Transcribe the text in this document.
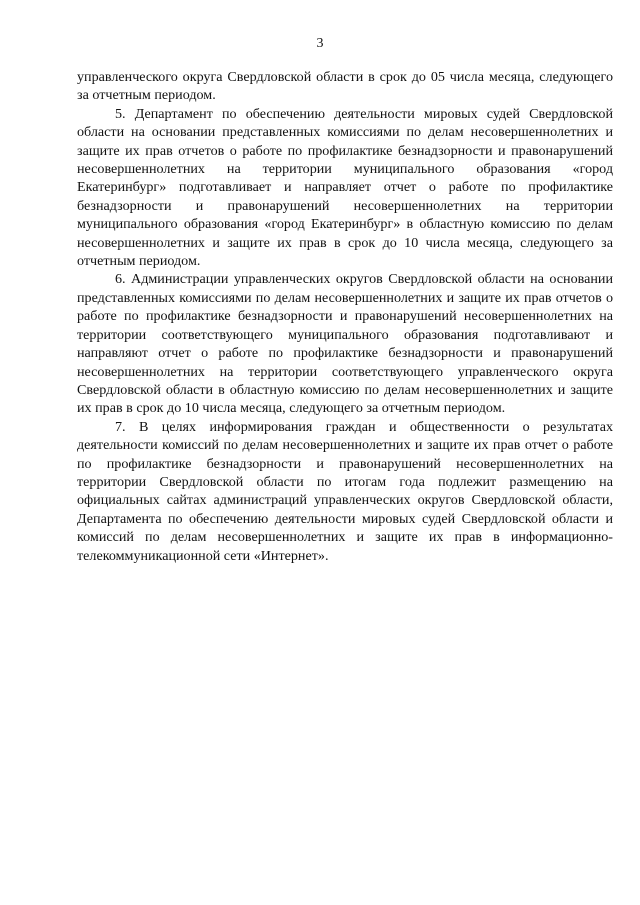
3

управленческого округа Свердловской области в срок до 05 числа месяца, следующего за отчетным периодом.

5. Департамент по обеспечению деятельности мировых судей Свердловской области на основании представленных комиссиями по делам несовершеннолетних и защите их прав отчетов о работе по профилактике безнадзорности и правонарушений несовершеннолетних на территории муниципального образования «город Екатеринбург» подготавливает и направляет отчет о работе по профилактике безнадзорности и правонарушений несовершеннолетних на территории муниципального образования «город Екатеринбург» в областную комиссию по делам несовершеннолетних и защите их прав в срок до 10 числа месяца, следующего за отчетным периодом.

6. Администрации управленческих округов Свердловской области на основании представленных комиссиями по делам несовершеннолетних и защите их прав отчетов о работе по профилактике безнадзорности и правонарушений несовершеннолетних на территории соответствующего муниципального образования подготавливают и направляют отчет о работе по профилактике безнадзорности и правонарушений несовершеннолетних на территории соответствующего управленческого округа Свердловской области в областную комиссию по делам несовершеннолетних и защите их прав в срок до 10 числа месяца, следующего за отчетным периодом.

7. В целях информирования граждан и общественности о результатах деятельности комиссий по делам несовершеннолетних и защите их прав отчет о работе по профилактике безнадзорности и правонарушений несовершеннолетних на территории Свердловской области по итогам года подлежит размещению на официальных сайтах администраций управленческих округов Свердловской области, Департамента по обеспечению деятельности мировых судей Свердловской области и комиссий по делам несовершеннолетних и защите их прав в информационно-телекоммуникационной сети «Интернет».
